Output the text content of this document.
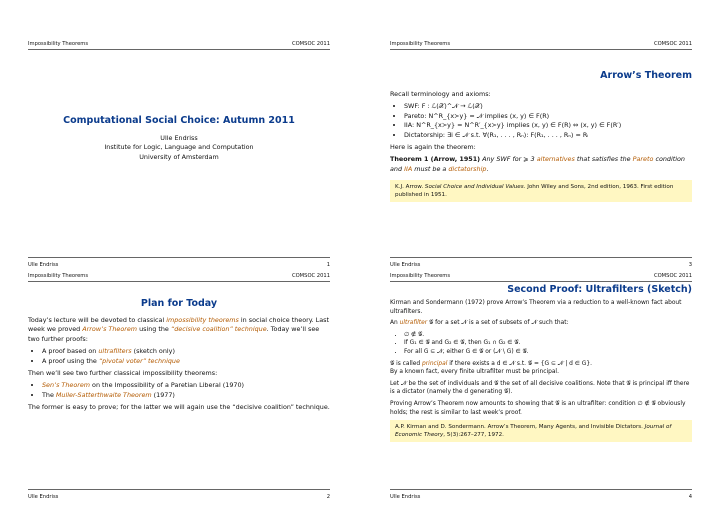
Impossibility Theorems	COMSOC 2011
Computational Social Choice: Autumn 2011
Ulle Endriss
Institute for Logic, Language and Computation
University of Amsterdam
Ulle Endriss	1
Impossibility Theorems	COMSOC 2011
Arrow’s Theorem

Recall terminology and axioms:

• SWF: F : ℒ(𝒳)^𝒩 → ℒ(𝒳)
• Pareto: N^R_{x≻y} = 𝒩 implies (x, y) ∈ F(R)
• IIA: N^R_{x≻y} = N^R′_{x≻y} implies (x, y) ∈ F(R) ⇔ (x, y) ∈ F(R′)
• Dictatorship: ∃i ∈ 𝒩 s.t. ∀(R₁, . . . , Rₙ): F(R₁, . . . , Rₙ) = Rᵢ

Here is again the theorem:

Theorem 1 (Arrow, 1951) Any SWF for ⩾ 3 alternatives that satisfies the Pareto condition and IIA must be a dictatorship.

K.J. Arrow. Social Choice and Individual Values. John Wiley and Sons, 2nd edition, 1963. First edition published in 1951.
Ulle Endriss	3
Impossibility Theorems	COMSOC 2011
Plan for Today

Today’s lecture will be devoted to classical impossibility theorems in social choice theory. Last week we proved Arrow’s Theorem using the “decisive coalition” technique. Today we’ll see two further proofs:

• A proof based on ultrafilters (sketch only)
• A proof using the “pivotal voter” technique

Then we’ll see two further classical impossibility theorems:

• Sen’s Theorem on the Impossibility of a Paretian Liberal (1970)
• The Muller-Satterthwaite Theorem (1977)

The former is easy to prove; for the latter we will again use the “decisive coalition” technique.

Ulle Endriss	2
Impossibility Theorems	COMSOC 2011
Second Proof: Ultrafilters (Sketch)

Kirman and Sondermann (1972) prove Arrow’s Theorem via a reduction to a well-known fact about ultrafilters.

An ultrafilter 𝒢 for a set 𝒩 is a set of subsets of 𝒩 such that:

• ∅ ∉ 𝒢.
• If G₁ ∈ 𝒢 and G₂ ∈ 𝒢, then G₁ ∩ G₂ ∈ 𝒢.
• For all G ⊆ 𝒩, either G ∈ 𝒢 or (𝒩 \ G) ∈ 𝒢.

𝒢 is called principal if there exists a d ∈ 𝒩 s.t. 𝒢 = {G ⊆ 𝒩 | d ∈ G}.
By a known fact, every finite ultrafilter must be principal.

Let 𝒩 be the set of individuals and 𝒢 the set of all decisive coalitions. Note that 𝒢 is principal iff there is a dictator (namely the d generating 𝒢).

Proving Arrow’s Theorem now amounts to showing that 𝒢 is an ultrafilter: condition ∅ ∉ 𝒢 obviously holds; the rest is similar to last week’s proof.

A.P. Kirman and D. Sondermann. Arrow’s Theorem, Many Agents, and Invisible Dictators. Journal of Economic Theory, 5(3):267–277, 1972.
Ulle Endriss	4
